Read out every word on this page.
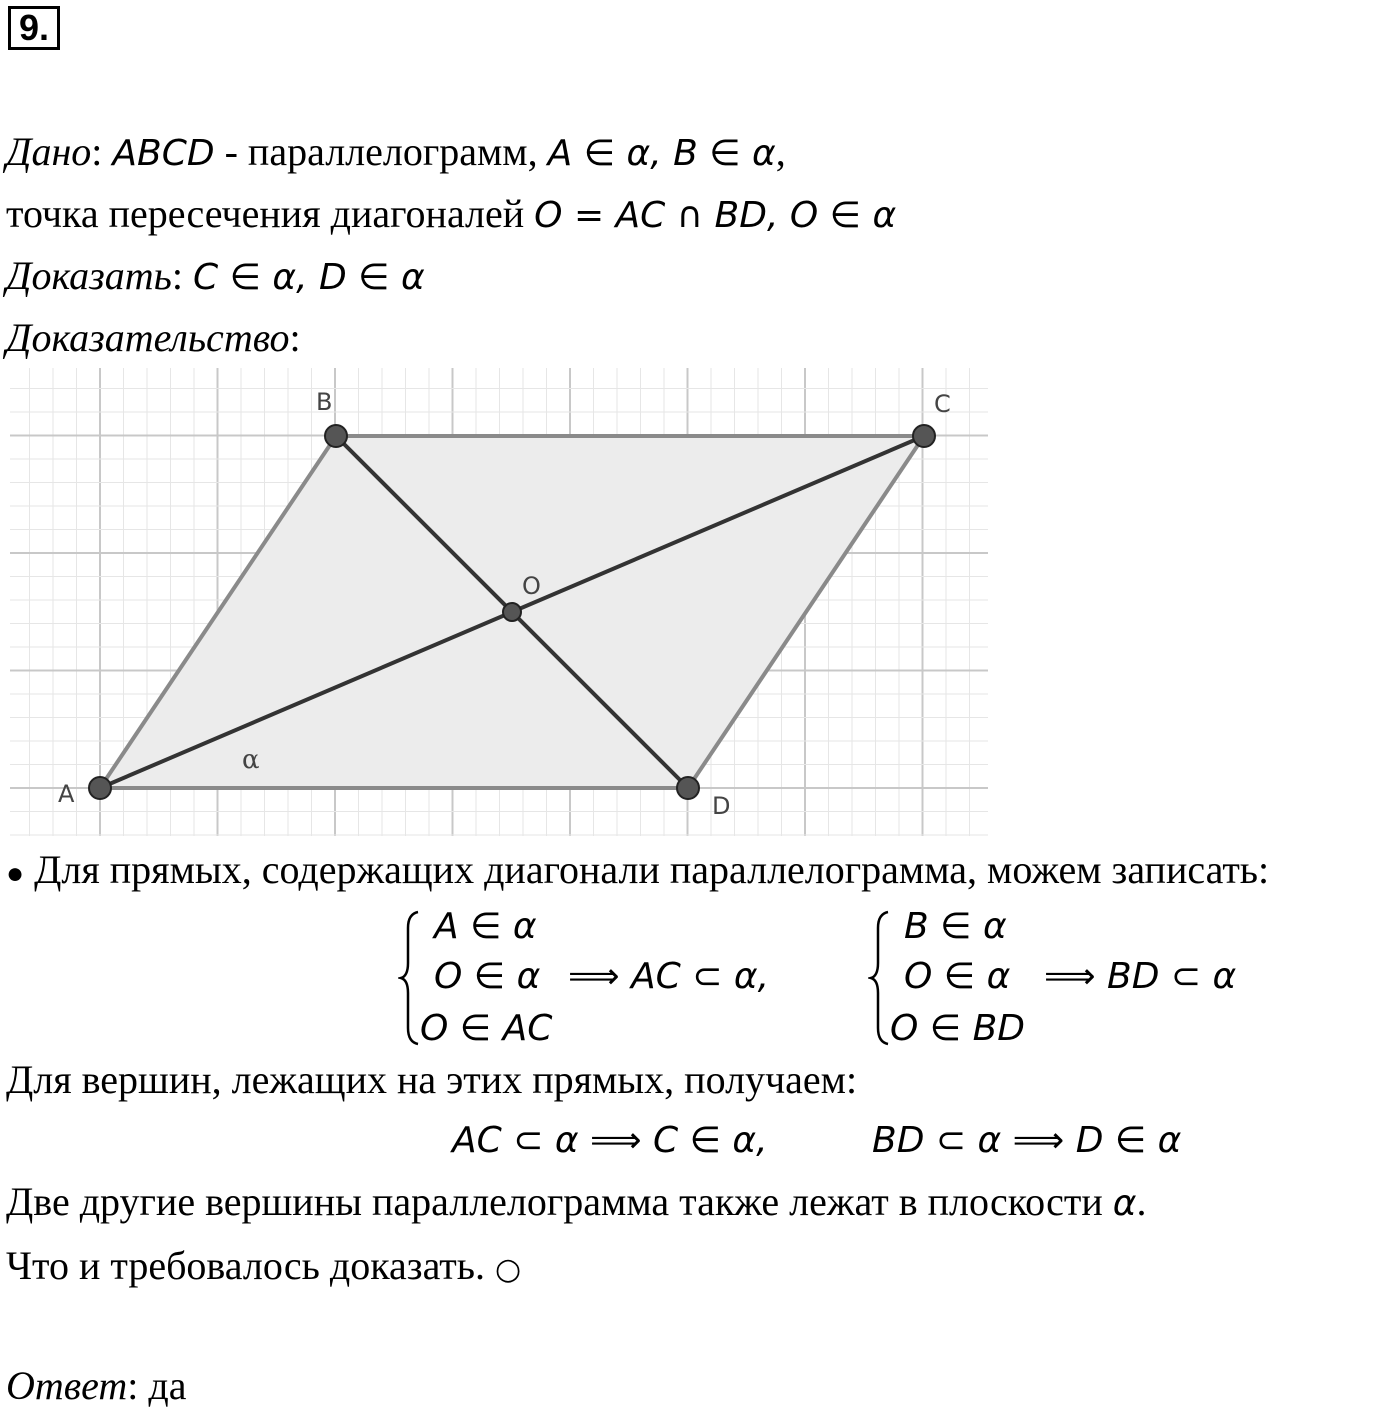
9.
Дано: ABCD - параллелограмм, A ∈ α, B ∈ α,
точка пересечения диагоналей O = AC ∩ BD, O ∈ α
Доказать: C ∈ α, D ∈ α
Доказательство:
A
B	C
D
O
α
● Для прямых, содержащих диагонали параллелограмма, можем записать:
A ∈ α
O ∈ α
O ∈ AC
⟹ AC ⊂ α,
B ∈ α
O ∈ α
O ∈ BD
⟹ BD ⊂ α
Для вершин, лежащих на этих прямых, получаем:
AC ⊂ α ⟹ C ∈ α,	BD ⊂ α ⟹ D ∈ α
Две другие вершины параллелограмма также лежат в плоскости α.
Что и требовалось доказать. ○
Ответ: да
